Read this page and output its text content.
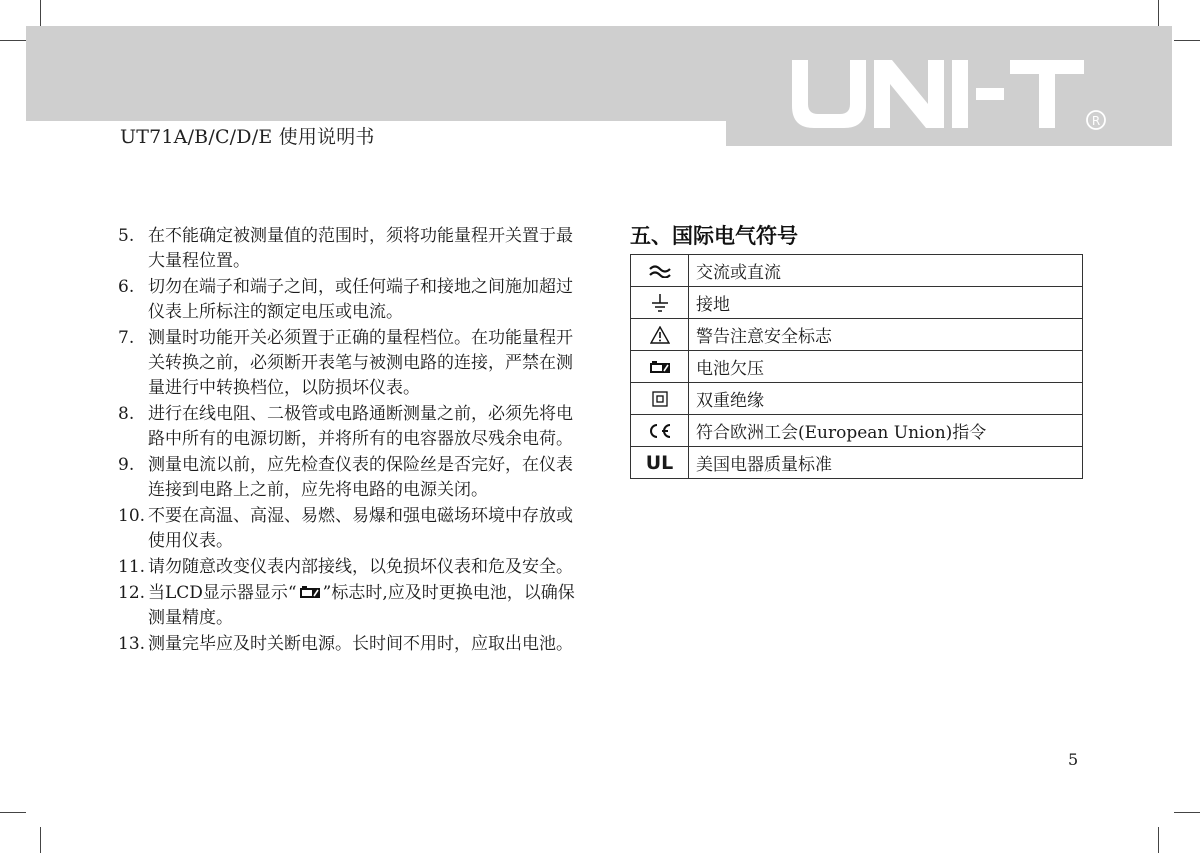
R
UT71A/B/C/D/E 使用说明书
5. 在不能确定被测量值的范围时，须将功能量程开关置于最大量程位置。
6. 切勿在端子和端子之间，或任何端子和接地之间施加超过仪表上所标注的额定电压或电流。
7. 测量时功能开关必须置于正确的量程档位。在功能量程开关转换之前，必须断开表笔与被测电路的连接，严禁在测量进行中转换档位，以防损坏仪表。
8. 进行在线电阻、二极管或电路通断测量之前，必须先将电路中所有的电源切断，并将所有的电容器放尽残余电荷。
9. 测量电流以前，应先检查仪表的保险丝是否完好，在仪表连接到电路上之前，应先将电路的电源关闭。
10. 不要在高温、高湿、易燃、易爆和强电磁场环境中存放或使用仪表。
11. 请勿随意改变仪表内部接线，以免损坏仪表和危及安全。
12. 当LCD显示器显示“ ”标志时,应及时更换电池，以确保测量精度。
13. 测量完毕应及时关断电源。长时间不用时，应取出电池。
五、国际电气符号
	交流或直流

	接地

	警告注意安全标志

	电池欠压

	双重绝缘

	符合欧洲工会(European Union)指令
UL	美国电器质量标准
5
